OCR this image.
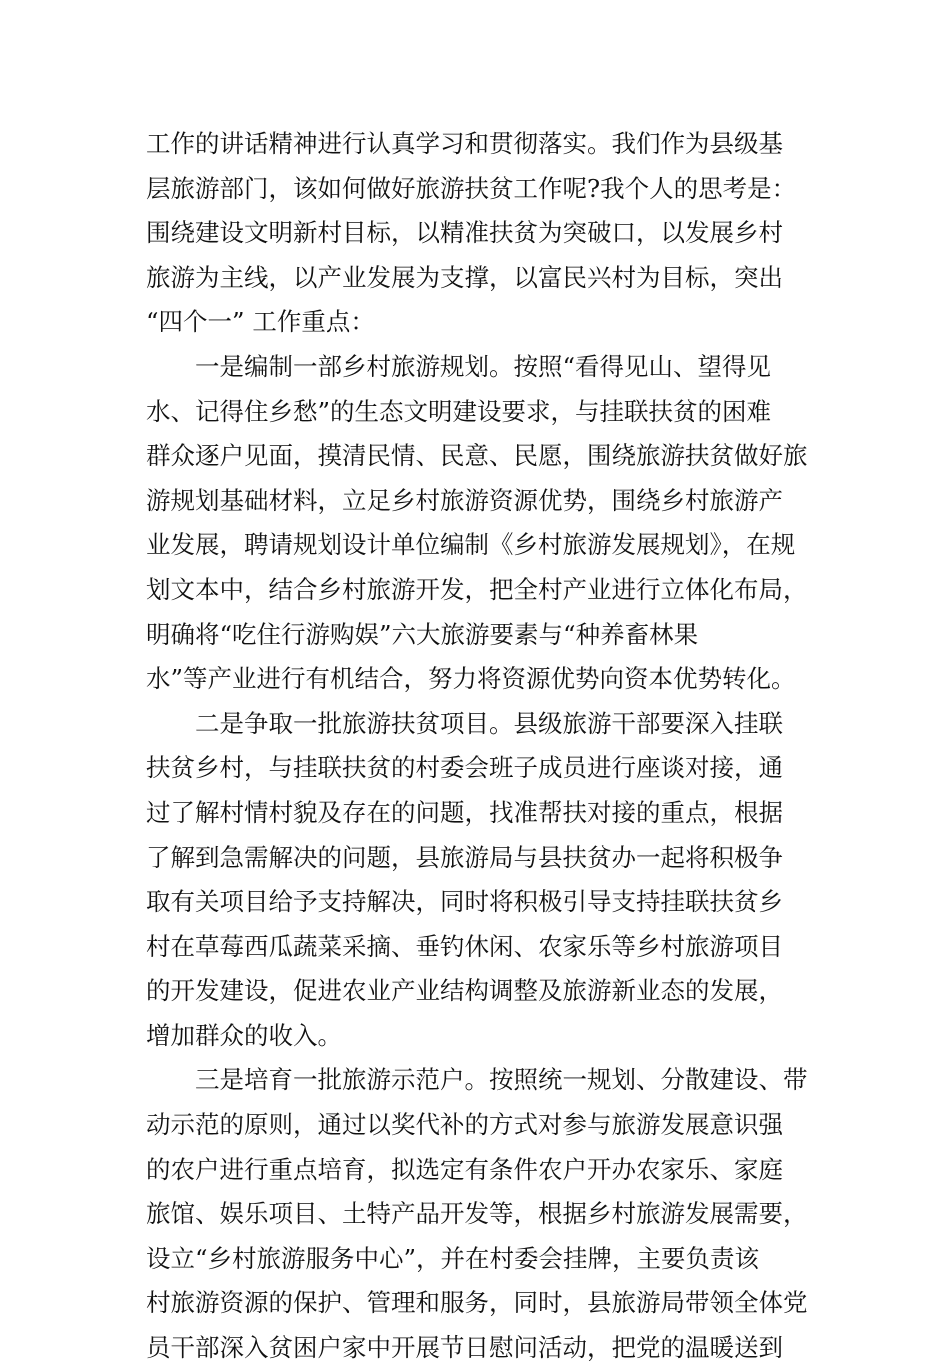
工作的讲话精神进行认真学习和贯彻落实。我们作为县级基
层旅游部门，该如何做好旅游扶贫工作呢?我个人的思考是：
围绕建设文明新村目标，以精准扶贫为突破口，以发展乡村
旅游为主线，以产业发展为支撑，以富民兴村为目标，突出
“四个一” 工作重点：
一是编制一部乡村旅游规划。按照“看得见山、望得见
水、记得住乡愁”的生态文明建设要求，与挂联扶贫的困难
群众逐户见面，摸清民情、民意、民愿，围绕旅游扶贫做好旅
游规划基础材料，立足乡村旅游资源优势，围绕乡村旅游产
业发展，聘请规划设计单位编制《乡村旅游发展规划》，在规
划文本中，结合乡村旅游开发，把全村产业进行立体化布局，
明确将“吃住行游购娱”六大旅游要素与“种养畜林果
水”等产业进行有机结合，努力将资源优势向资本优势转化。
二是争取一批旅游扶贫项目。县级旅游干部要深入挂联
扶贫乡村，与挂联扶贫的村委会班子成员进行座谈对接，通
过了解村情村貌及存在的问题，找准帮扶对接的重点，根据
了解到急需解决的问题，县旅游局与县扶贫办一起将积极争
取有关项目给予支持解决，同时将积极引导支持挂联扶贫乡
村在草莓西瓜蔬菜采摘、垂钓休闲、农家乐等乡村旅游项目
的开发建设，促进农业产业结构调整及旅游新业态的发展，
增加群众的收入。
三是培育一批旅游示范户。按照统一规划、分散建设、带
动示范的原则，通过以奖代补的方式对参与旅游发展意识强
的农户进行重点培育，拟选定有条件农户开办农家乐、家庭
旅馆、娱乐项目、土特产品开发等，根据乡村旅游发展需要，
设立“乡村旅游服务中心”，并在村委会挂牌，主要负责该
村旅游资源的保护、管理和服务，同时，县旅游局带领全体党
员干部深入贫困户家中开展节日慰问活动，把党的温暖送到
